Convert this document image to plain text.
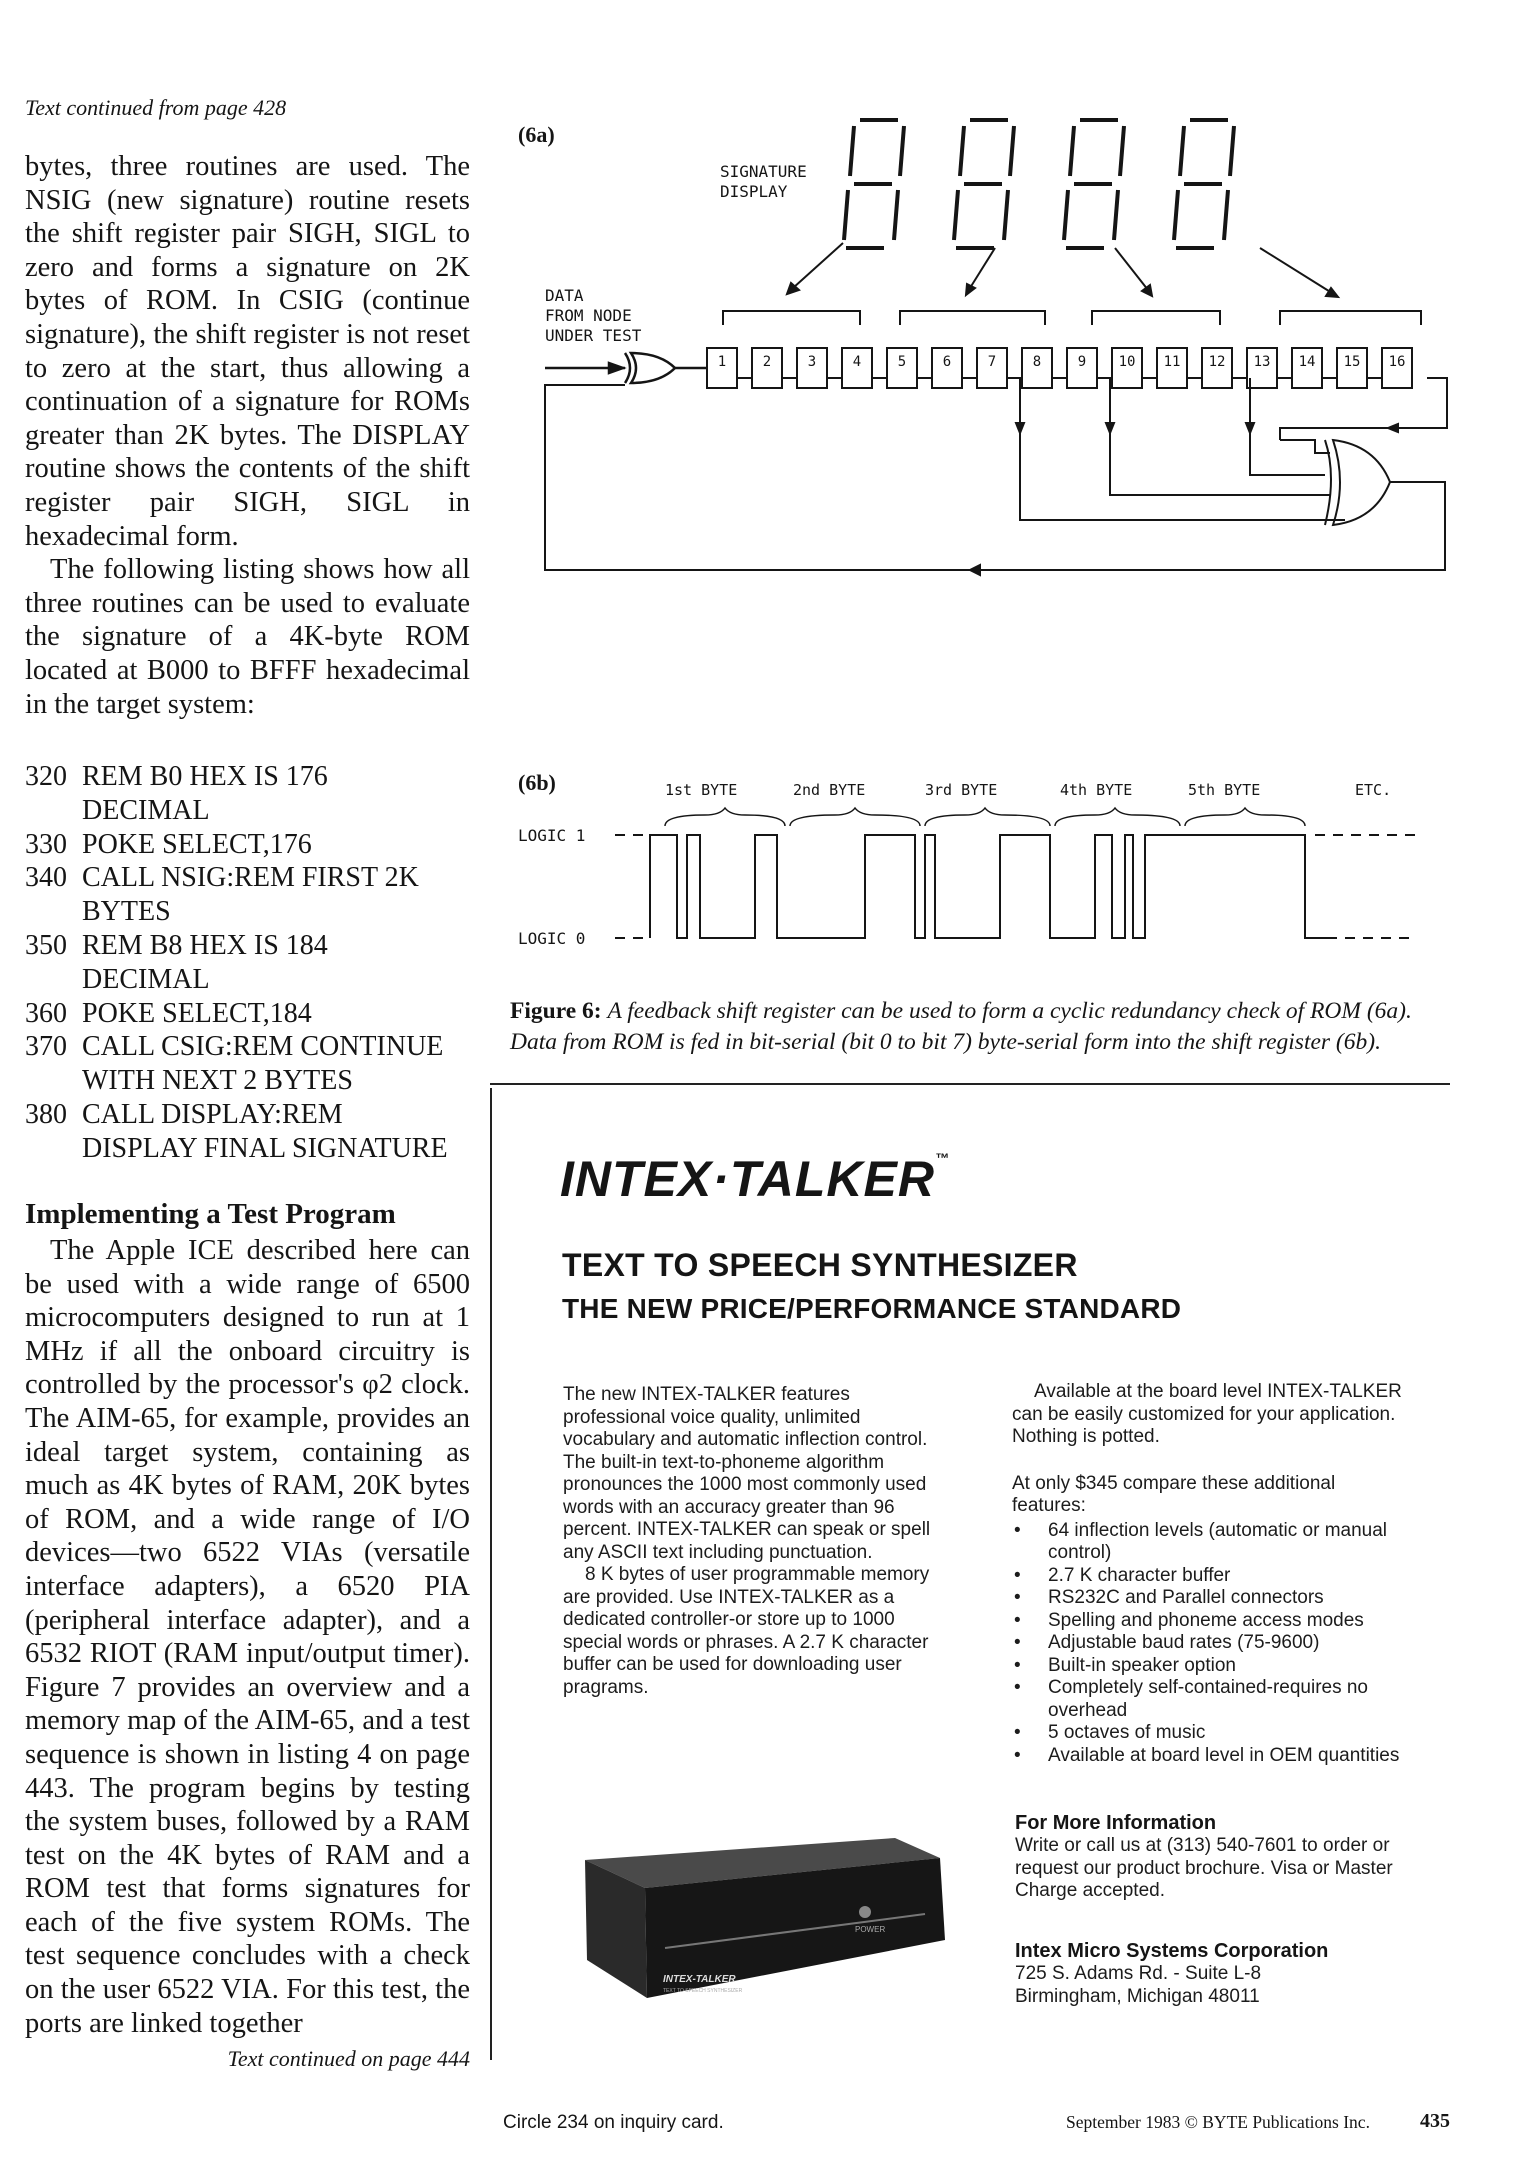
Text continued from page 428

bytes, three routines are used. The NSIG (new signature) routine resets the shift register pair SIGH, SIGL to zero and forms a signature on 2K bytes of ROM. In CSIG (continue signature), the shift register is not reset to zero at the start, thus allowing a continuation of a signature for ROMs greater than 2K bytes. The DISPLAY routine shows the contents of the shift register pair SIGH, SIGL in hexadecimal form.

The following listing shows how all three routines can be used to evaluate the signature of a 4K-byte ROM located at B000 to BFFF hexadecimal in the target system:

320 REM B0 HEX IS 176
DECIMAL
330 POKE SELECT,176
340 CALL NSIG:REM FIRST 2K
BYTES
350 REM B8 HEX IS 184
DECIMAL
360 POKE SELECT,184
370 CALL CSIG:REM CONTINUE
WITH NEXT 2 BYTES
380 CALL DISPLAY:REM
DISPLAY FINAL SIGNATURE
Implementing a Test Program

The Apple ICE described here can be used with a wide range of 6500 microcomputers designed to run at 1 MHz if all the onboard circuitry is controlled by the processor's φ2 clock. The AIM-65, for example, provides an ideal target system, containing as much as 4K bytes of RAM, 20K bytes of ROM, and a wide range of I/O devices—two 6522 VIAs (versatile interface adapters), a 6520 PIA (peripheral interface adapter), and a 6532 RIOT (RAM input/output timer). Figure 7 provides an overview and a memory map of the AIM-65, and a test sequence is shown in listing 4 on page 443. The program begins by testing the system buses, followed by a RAM test on the 4K bytes of RAM and a ROM test that forms signatures for each of the five system ROMs. The test sequence concludes with a check on the user 6522 VIA. For this test, the ports are linked together

Text continued on page 444
(6a)
SIGNATURE
DISPLAY
DATA
FROM NODE
UNDER TEST
1	2	3	4	5	6	7	8	9 10 11 12 13 14 15 16
(6b)	1st BYTE	2nd BYTE	3rd BYTE	4th BYTE	5th BYTE	ETC.
LOGIC 1
LOGIC 0
Figure 6: A feedback shift register can be used to form a cyclic redundancy check of ROM (6a). Data from ROM is fed in bit-serial (bit 0 to bit 7) byte-serial form into the shift register (6b).
INTEX·TALKER™
TEXT TO SPEECH SYNTHESIZER
THE NEW PRICE/PERFORMANCE STANDARD

The new INTEX-TALKER features professional voice quality, unlimited vocabulary and automatic inflection control. The built-in text-to-phoneme algorithm pronounces the 1000 most commonly used words with an accuracy greater than 96 percent. INTEX-TALKER can speak or spell any ASCII text including punctuation.

8 K bytes of user programmable memory are provided. Use INTEX-TALKER as a dedicated controller-or store up to 1000 special words or phrases. A 2.7 K character buffer can be used for downloading user pragrams.

Available at the board level INTEX-TALKER can be easily customized for your application. Nothing is potted.

At only $345 compare these additional features:

• 64 inflection levels (automatic or manual control)
• 2.7 K character buffer
• RS232C and Parallel connectors
• Spelling and phoneme access modes
• Adjustable baud rates (75-9600)
• Built-in speaker option
• Completely self-contained-requires no overhead
• 5 octaves of music
• Available at board level in OEM quantities
POWER
INTEX-TALKER
TEXT TO SPEECH SYNTHESIZER
For More Information
Write or call us at (313) 540-7601 to order or request our product brochure. Visa or Master Charge accepted.
Intex Micro Systems Corporation
725 S. Adams Rd. - Suite L-8
Birmingham, Michigan 48011
Circle 234 on inquiry card.	September 1983 © BYTE Publications Inc.	435
